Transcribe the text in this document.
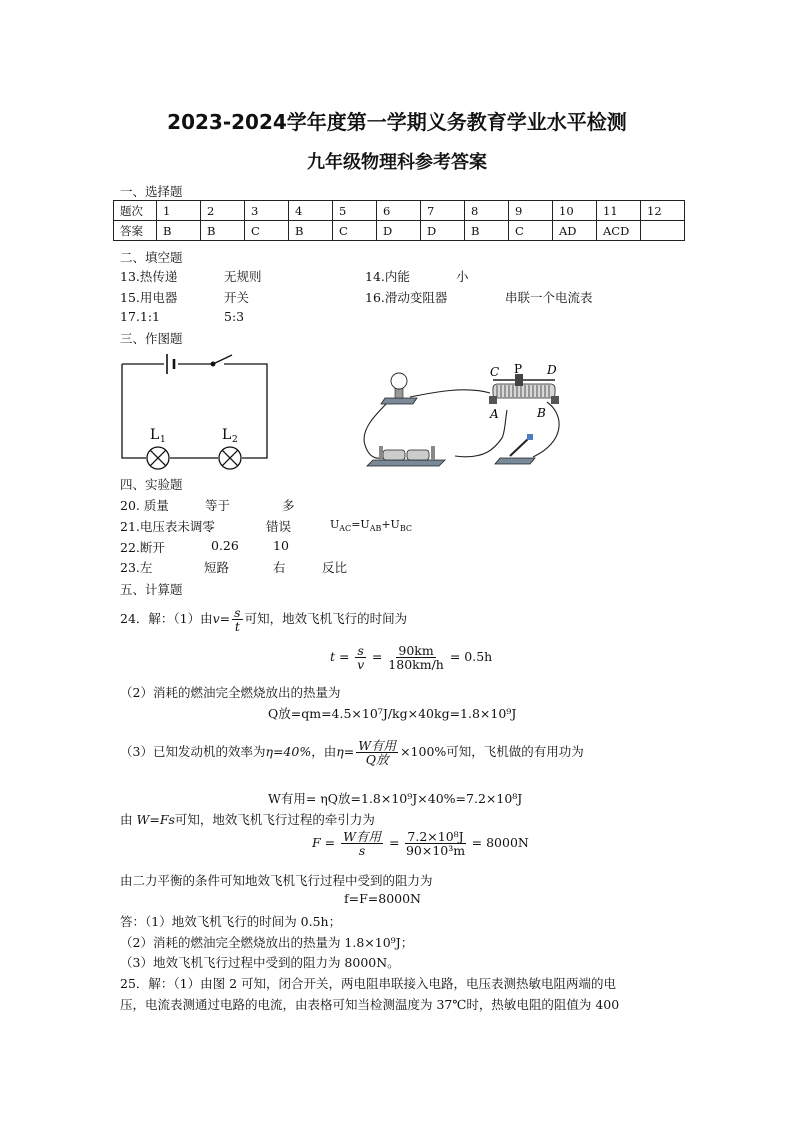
2023-2024学年度第一学期义务教育学业水平检测
九年级物理科参考答案
一、选择题
题次	1	2	3	4	5	6	7	8	9	10	11	12
答案	B	B	C	B	C	D	D	B	C	AD	ACD	
二、填空题
13.热传递	无规则	14.内能	小
15.用电器	开关	16.滑动变阻器	串联一个电流表
17.1:1	5:3
三、作图题
L 1	L 2
C P D
A	B
四、实验题
20. 质量	等于	多
21.电压表未调零	错误	$U_{AC}=U_{AB}+U_{BC}$
22.断开	0.26	10
23.左	短路	右	反比
五、计算题
24．解：（1）由$v= \frac{s}{t}$ 可知，地效飞机飞行的时间为
$t = \frac{s}{v} = \frac{90km}{180km/h} = 0.5h$
（2）消耗的燃油完全燃烧放出的热量为
Q放=qm=4.5×10⁷J/kg×40kg=1.8×10⁹J
（3）已知发动机的效率为η=40%，由$\eta= \frac{\text{W有用}}{\text{Q放}} \times 100\%$可知，飞机做的有用功为
W有用= ηQ放=1.8×10⁹J×40%=7.2×10⁸J
由 W=Fs可知，地效飞机飞行过程的牵引力为
$F = \frac{\text{W有用}}{s} = \frac{\text{7.2×10⁸J}}{\text{90×10³m}} = 8000N$
由二力平衡的条件可知地效飞机飞行过程中受到的阻力为
f=F=8000N
答：（1）地效飞机飞行的时间为 0.5h；
（2）消耗的燃油完全燃烧放出的热量为 1.8×10⁹J；
（3）地效飞机飞行过程中受到的阻力为 8000N。
25．解：（1）由图 2 可知，闭合开关，两电阻串联接入电路，电压表测热敏电阻两端的电
压，电流表测通过电路的电流，由表格可知当检测温度为 37℃时，热敏电阻的阻值为 400
